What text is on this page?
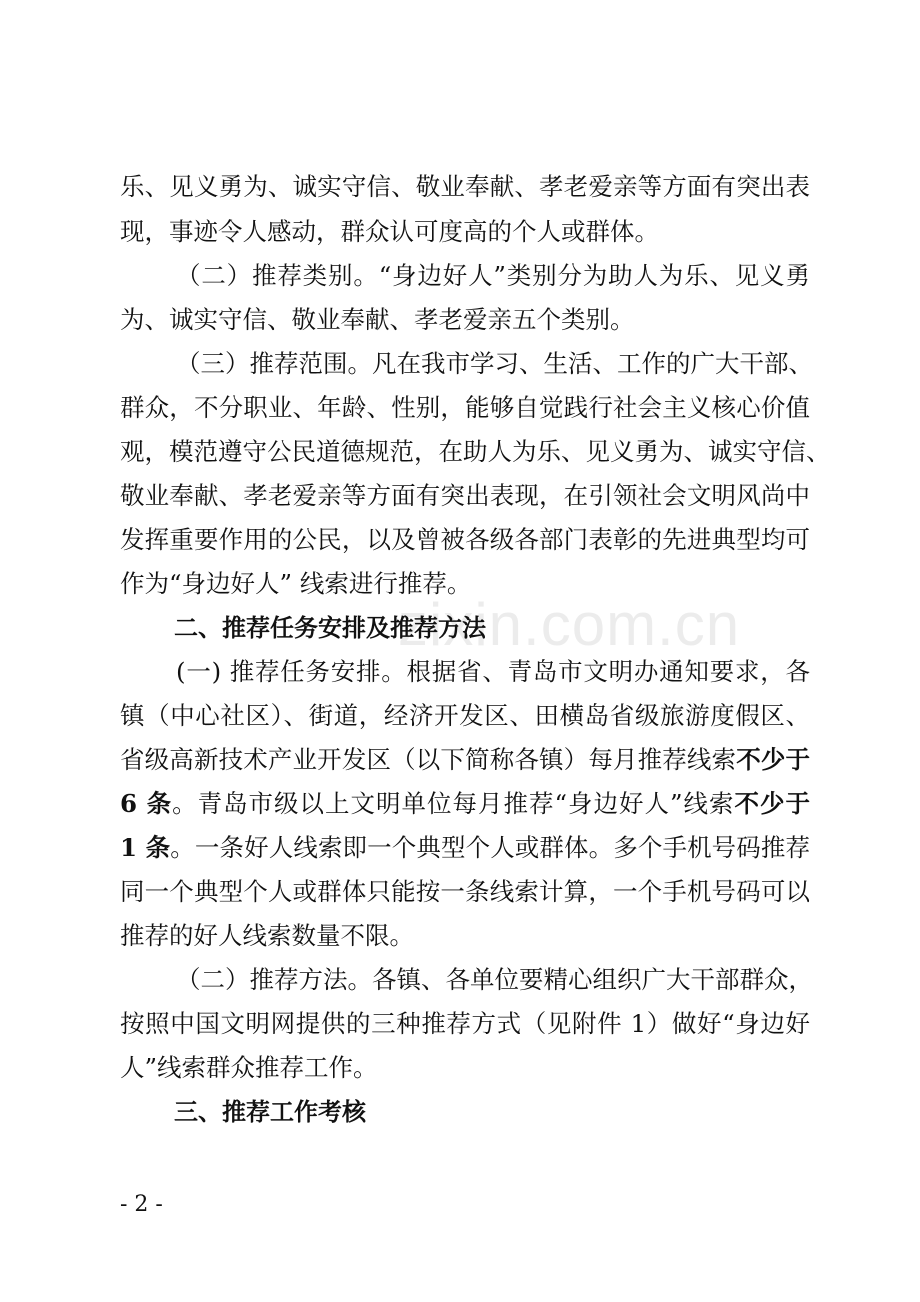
zixin.com.cn
乐、见义勇为、诚实守信、敬业奉献、孝老爱亲等方面有突出表
现，事迹令人感动，群众认可度高的个人或群体。
（二）推荐类别。“身边好人”类别分为助人为乐、见义勇
为、诚实守信、敬业奉献、孝老爱亲五个类别。
（三）推荐范围。凡在我市学习、生活、工作的广大干部、
群众，不分职业、年龄、性别，能够自觉践行社会主义核心价值
观，模范遵守公民道德规范，在助人为乐、见义勇为、诚实守信、
敬业奉献、孝老爱亲等方面有突出表现，在引领社会文明风尚中
发挥重要作用的公民，以及曾被各级各部门表彰的先进典型均可
作为“身边好人” 线索进行推荐。
二、推荐任务安排及推荐方法
(一) 推荐任务安排。根据省、青岛市文明办通知要求，各
镇（中心社区）、街道，经济开发区、田横岛省级旅游度假区、
省级高新技术产业开发区（以下简称各镇）每月推荐线索不少于
6 条。青岛市级以上文明单位每月推荐“身边好人”线索不少于
1 条。一条好人线索即一个典型个人或群体。多个手机号码推荐
同一个典型个人或群体只能按一条线索计算，一个手机号码可以
推荐的好人线索数量不限。
（二）推荐方法。各镇、各单位要精心组织广大干部群众，
按照中国文明网提供的三种推荐方式（见附件 1）做好“身边好
人”线索群众推荐工作。
三、推荐工作考核
- 2 -
